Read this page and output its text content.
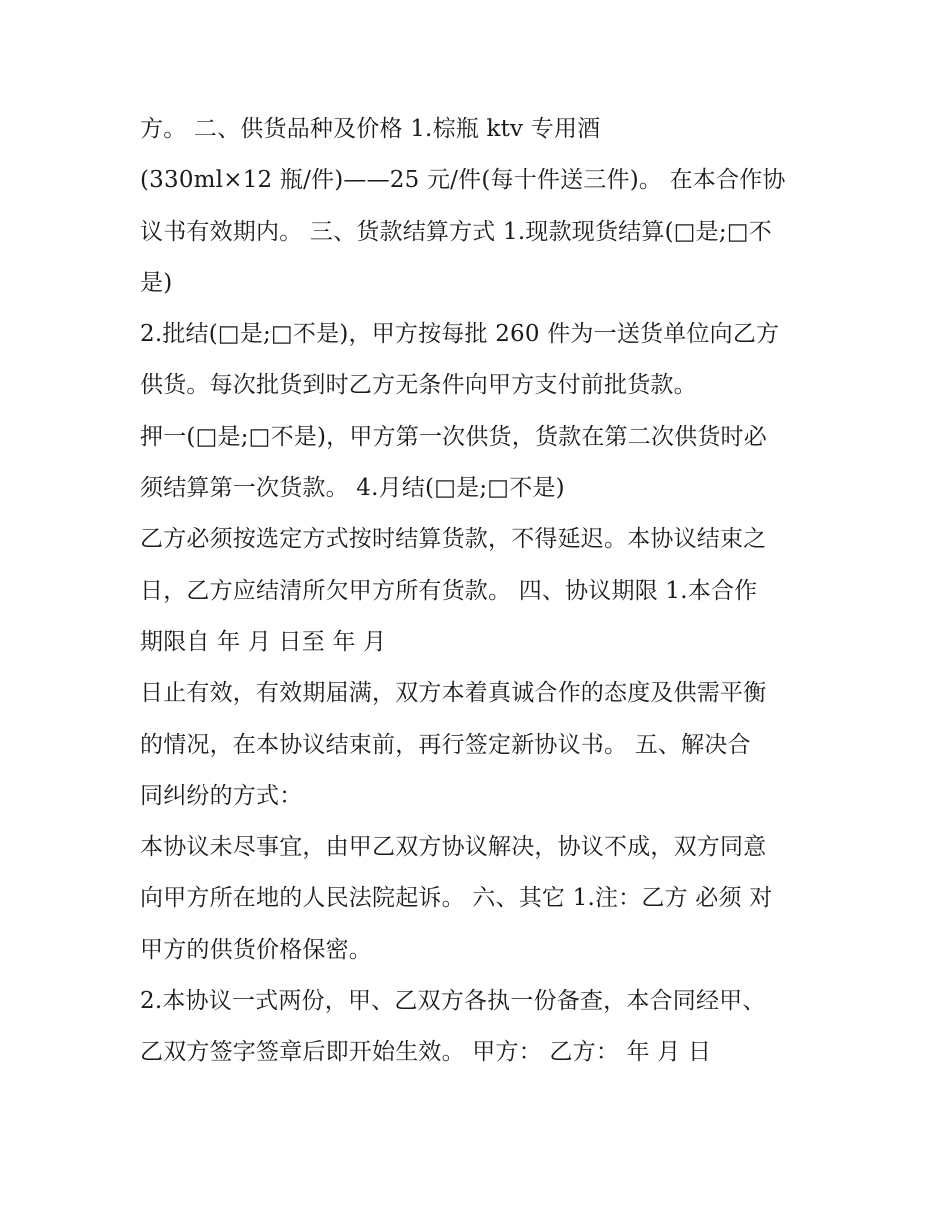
方。 二、供货品种及价格 1.棕瓶 ktv 专用酒
(330ml×12 瓶/件)——25 元/件(每十件送三件)。 在本合作协
议书有效期内。 三、货款结算方式 1.现款现货结算(□是;□不
是)
2.批结(□是;□不是)，甲方按每批 260 件为一送货单位向乙方
供货。每次批货到时乙方无条件向甲方支付前批货款。
押一(□是;□不是)，甲方第一次供货，货款在第二次供货时必
须结算第一次货款。 4.月结(□是;□不是)
乙方必须按选定方式按时结算货款，不得延迟。本协议结束之
日，乙方应结清所欠甲方所有货款。 四、协议期限 1.本合作
期限自 年 月 日至 年 月
日止有效，有效期届满，双方本着真诚合作的态度及供需平衡
的情况，在本协议结束前，再行签定新协议书。 五、解决合
同纠纷的方式：
本协议未尽事宜，由甲乙双方协议解决，协议不成，双方同意
向甲方所在地的人民法院起诉。 六、其它 1.注：乙方 必须 对
甲方的供货价格保密。
2.本协议一式两份，甲、乙双方各执一份备查，本合同经甲、
乙双方签字签章后即开始生效。 甲方： 乙方： 年 月 日
